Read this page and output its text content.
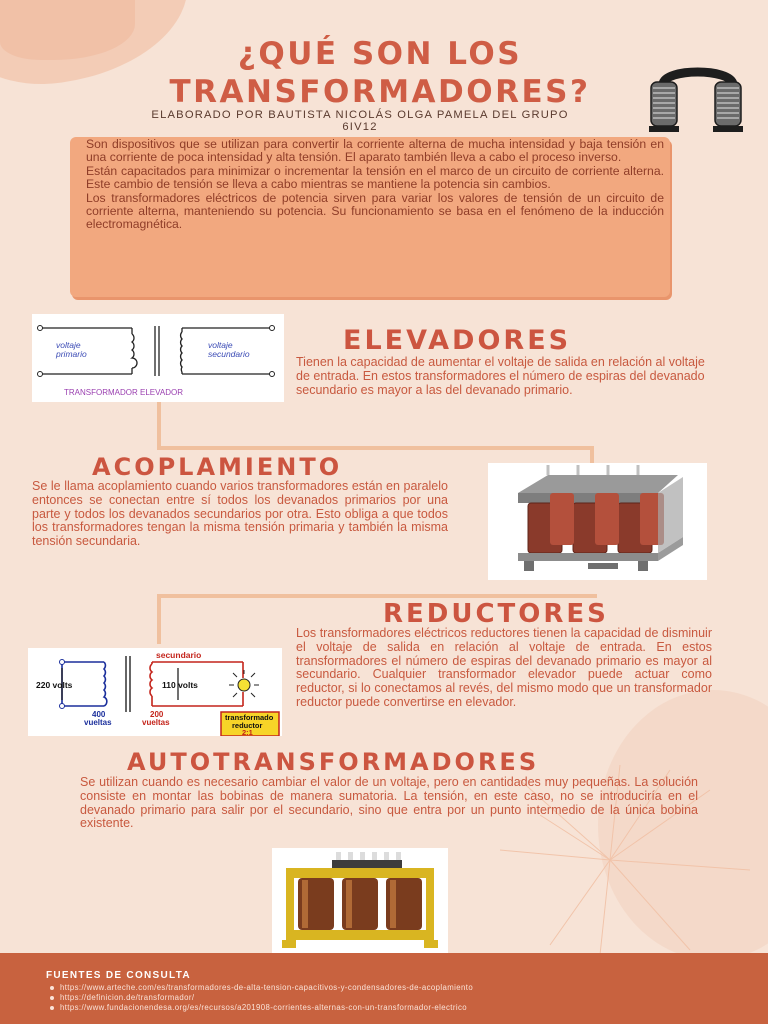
¿QUÉ SON LOS
TRANSFORMADORES?
ELABORADO POR BAUTISTA NICOLÁS OLGA PAMELA DEL GRUPO
6IV12

Son dispositivos que se utilizan para convertir la corriente alterna de mucha intensidad y baja tensión en una corriente de poca intensidad y alta tensión. El aparato también lleva a cabo el proceso inverso.

Están capacitados para minimizar o incrementar la tensión en el marco de un circuito de corriente alterna. Este cambio de tensión se lleva a cabo mientras se mantiene la potencia sin cambios.

Los transformadores eléctricos de potencia sirven para variar los valores de tensión de un circuito de corriente alterna, manteniendo su potencia. Su funcionamiento se basa en el fenómeno de la inducción electromagnética.

voltaje
primario
voltaje
secundario
TRANSFORMADOR ELEVADOR
ELEVADORES
Tienen la capacidad de aumentar el voltaje de salida en relación al voltaje de entrada. En estos transformadores el número de espiras del devanado secundario es mayor a las del devanado primario.
ACOPLAMIENTO
Se le llama acoplamiento cuando varios transformadores están en paralelo entonces se conectan entre sí todos los devanados primarios por una parte y todos los devanados secundarios por otra. Esto obliga a que todos los transformadores tengan la misma tensión primaria y también la misma tensión secundaria.
REDUCTORES
Los transformadores eléctricos reductores tienen la capacidad de disminuir el voltaje de salida en relación al voltaje de entrada. En estos transformadores el número de espiras del devanado primario es mayor al secundario. Cualquier transformador elevador puede actuar como reductor, si lo conectamos al revés, del mismo modo que un transformador reductor puede convertirse en elevador.
secundario
220 volts	110 volts
400
vueltas
200
vueltas
transformado
reductor
2:1
AUTOTRANSFORMADORES
Se utilizan cuando es necesario cambiar el valor de un voltaje, pero en cantidades muy pequeñas. La solución consiste en montar las bobinas de manera sumatoria. La tensión, en este caso, no se introduciría en el devanado primario para salir por el secundario, sino que entra por un punto intermedio de la única bobina existente.
FUENTES DE CONSULTA
https://www.arteche.com/es/transformadores-de-alta-tension-capacitivos-y-condensadores-de-acoplamiento
https://definicion.de/transformador/
https://www.fundacionendesa.org/es/recursos/a201908-corrientes-alternas-con-un-transformador-electrico
